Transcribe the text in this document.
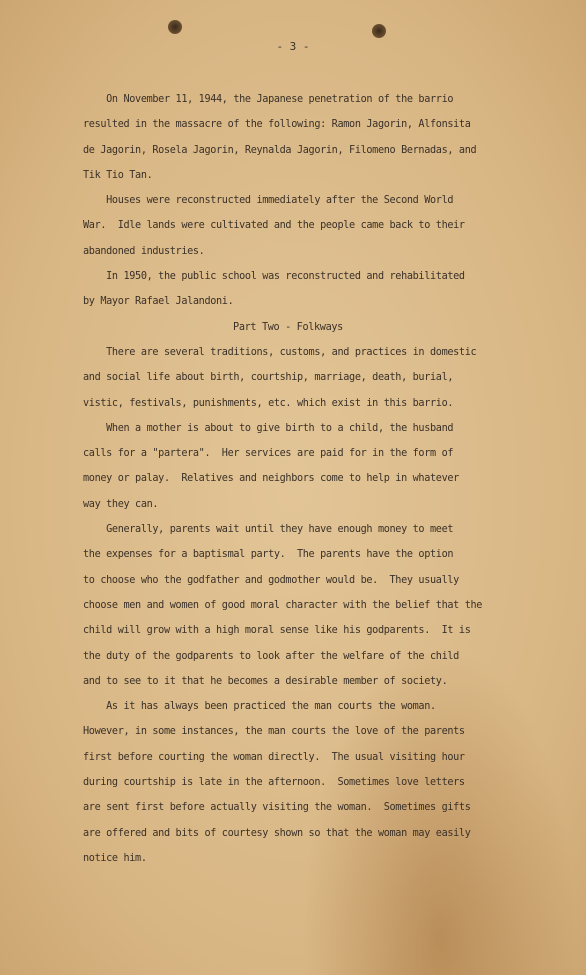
- 3 -
On November 11, 1944, the Japanese penetration of the barrio
resulted in the massacre of the following: Ramon Jagorin, Alfonsita
de Jagorin, Rosela Jagorin, Reynalda Jagorin, Filomeno Bernadas, and
Tik Tio Tan.
Houses were reconstructed immediately after the Second World
War.  Idle lands were cultivated and the people came back to their
abandoned industries.
In 1950, the public school was reconstructed and rehabilitated
by Mayor Rafael Jalandoni.
Part Two - Folkways
There are several traditions, customs, and practices in domestic
and social life about birth, courtship, marriage, death, burial,
vistic, festivals, punishments, etc. which exist in this barrio.
When a mother is about to give birth to a child, the husband
calls for a "partera".  Her services are paid for in the form of
money or palay.  Relatives and neighbors come to help in whatever
way they can.
Generally, parents wait until they have enough money to meet
the expenses for a baptismal party.  The parents have the option
to choose who the godfather and godmother would be.  They usually
choose men and women of good moral character with the belief that the
child will grow with a high moral sense like his godparents.  It is
the duty of the godparents to look after the welfare of the child
and to see to it that he becomes a desirable member of society.
As it has always been practiced the man courts the woman.
However, in some instances, the man courts the love of the parents
first before courting the woman directly.  The usual visiting hour
during courtship is late in the afternoon.  Sometimes love letters
are sent first before actually visiting the woman.  Sometimes gifts
are offered and bits of courtesy shown so that the woman may easily
notice him.
